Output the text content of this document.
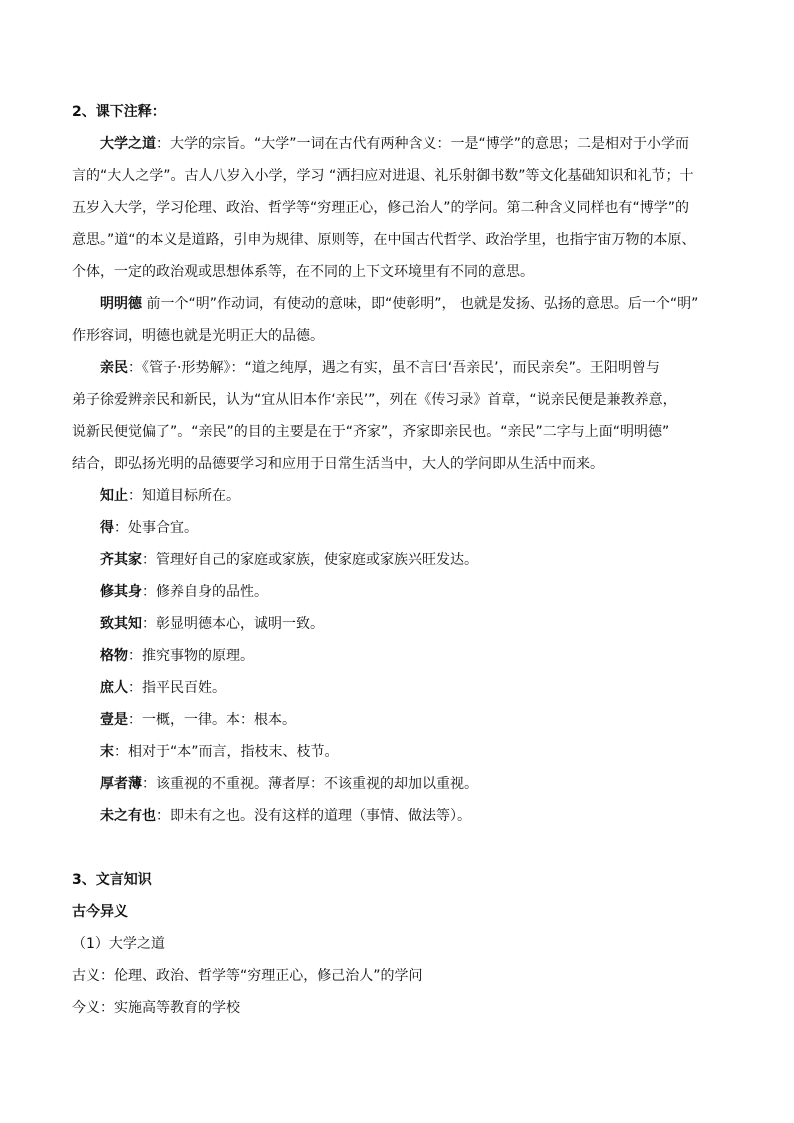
2、课下注释：
大学之道：大学的宗旨。“大学”一词在古代有两种含义：一是“博学”的意思；二是相对于小学而
言的“大人之学”。古人八岁入小学，学习 “洒扫应对进退、礼乐射御书数”等文化基础知识和礼节；十
五岁入大学，学习伦理、政治、哲学等“穷理正心，修己治人”的学问。第二种含义同样也有“博学”的
意思。”道“的本义是道路，引申为规律、原则等，在中国古代哲学、政治学里，也指宇宙万物的本原、
个体，一定的政治观或思想体系等，在不同的上下文环境里有不同的意思。
明明德 前一个“明”作动词，有使动的意味，即“使彰明”， 也就是发扬、弘扬的意思。后一个“明”
作形容词，明德也就是光明正大的品德。
亲民：《管子·形势解》：“道之纯厚，遇之有实，虽不言曰‘吾亲民’，而民亲矣”。王阳明曾与
弟子徐爱辨亲民和新民，认为“宜从旧本作‘亲民’”，列在《传习录》首章，“说亲民便是兼教养意，
说新民便觉偏了”。“亲民”的目的主要是在于“齐家”，齐家即亲民也。“亲民”二字与上面“明明德”
结合，即弘扬光明的品德要学习和应用于日常生活当中，大人的学问即从生活中而来。
知止：知道目标所在。
得：处事合宜。
齐其家：管理好自己的家庭或家族，使家庭或家族兴旺发达。
修其身：修养自身的品性。
致其知：彰显明德本心，诚明一致。
格物：推究事物的原理。
庶人：指平民百姓。
壹是：一概，一律。本：根本。
末：相对于“本”而言，指枝末、枝节。
厚者薄：该重视的不重视。薄者厚：不该重视的却加以重视。
未之有也：即未有之也。没有这样的道理（事情、做法等）。
3、文言知识
古今异义
（1）大学之道
古义：伦理、政治、哲学等“穷理正心，修己治人”的学问
今义：实施高等教育的学校
